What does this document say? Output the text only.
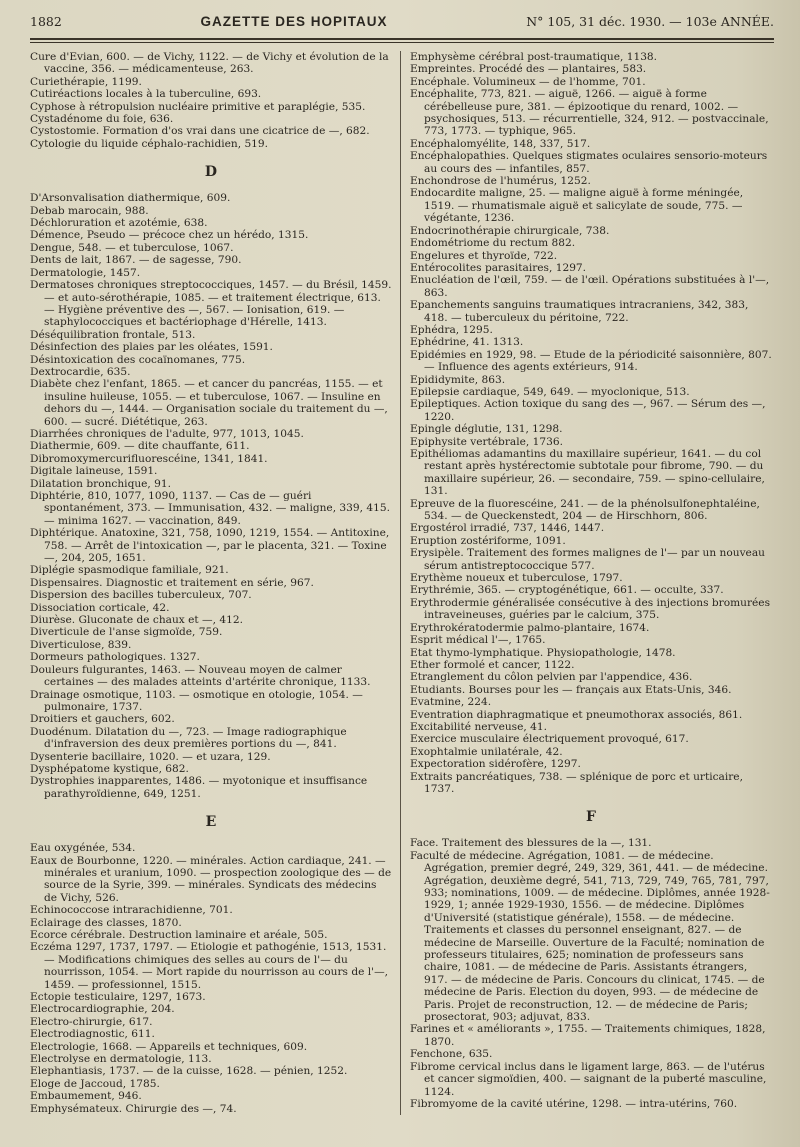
1882	GAZETTE DES HOPITAUX	N° 105, 31 déc. 1930. — 103e ANNÉE.

Cure d'Evian, 600. — de Vichy, 1122. — de Vichy et évolution de la vaccine, 356. — médicamenteuse, 263.

Curiethérapie, 1199.

Cutiréactions locales à la tuberculine, 693.

Cyphose à rétropulsion nucléaire primitive et paraplégie, 535.

Cystadénome du foie, 636.

Cystostomie. Formation d'os vrai dans une cicatrice de —, 682.

Cytologie du liquide céphalo-rachidien, 519.

D

D'Arsonvalisation diathermique, 609.

Debab marocain, 988.

Déchloruration et azotémie, 638.

Démence, Pseudo — précoce chez un hérédo, 1315.

Dengue, 548. — et tuberculose, 1067.

Dents de lait, 1867. — de sagesse, 790.

Dermatologie, 1457.

Dermatoses chroniques streptococciques, 1457. — du Brésil, 1459. — et auto-sérothérapie, 1085. — et traitement électrique, 613. — Hygiène préventive des —, 567. — Ionisation, 619. — staphylococciques et bactériophage d'Hérelle, 1413.

Déséquilibration frontale, 513.

Désinfection des plaies par les oléates, 1591.

Désintoxication des cocaïnomanes, 775.

Dextrocardie, 635.

Diabète chez l'enfant, 1865. — et cancer du pancréas, 1155. — et insuline huileuse, 1055. — et tuberculose, 1067. — Insuline en dehors du —, 1444. — Organisation sociale du traitement du —, 600. — sucré. Diététique, 263.

Diarrhées chroniques de l'adulte, 977, 1013, 1045.

Diathermie, 609. — dite chauffante, 611.

Dibromoxymercurifluorescéine, 1341, 1841.

Digitale laineuse, 1591.

Dilatation bronchique, 91.

Diphtérie, 810, 1077, 1090, 1137. — Cas de — guéri spontanément, 373. — Immunisation, 432. — maligne, 339, 415. — minima 1627. — vaccination, 849.

Diphtérique. Anatoxine, 321, 758, 1090, 1219, 1554. — Antitoxine, 758. — Arrêt de l'intoxication —, par le placenta, 321. — Toxine —, 204, 205, 1651.

Diplégie spasmodique familiale, 921.

Dispensaires. Diagnostic et traitement en série, 967.

Dispersion des bacilles tuberculeux, 707.

Dissociation corticale, 42.

Diurèse. Gluconate de chaux et —, 412.

Diverticule de l'anse sigmoïde, 759.

Diverticulose, 839.

Dormeurs pathologiques. 1327.

Douleurs fulgurantes, 1463. — Nouveau moyen de calmer certaines — des malades atteints d'artérite chronique, 1133.

Drainage osmotique, 1103. — osmotique en otologie, 1054. — pulmonaire, 1737.

Droitiers et gauchers, 602.

Duodénum. Dilatation du —, 723. — Image radiographique d'infraversion des deux premières portions du —, 841.

Dysenterie bacillaire, 1020. — et uzara, 129.

Dysphépatome kystique, 682.

Dystrophies inapparentes, 1486. — myotonique et insuffisance parathyroïdienne, 649, 1251.

E

Eau oxygénée, 534.

Eaux de Bourbonne, 1220. — minérales. Action cardiaque, 241. — minérales et uranium, 1090. — prospection zoologique des — de source de la Syrie, 399. — minérales. Syndicats des médecins de Vichy, 526.

Echinococcose intrarachidienne, 701.

Eclairage des classes, 1870.

Ecorce cérébrale. Destruction laminaire et aréale, 505.

Eczéma 1297, 1737, 1797. — Etiologie et pathogénie, 1513, 1531. — Modifications chimiques des selles au cours de l'— du nourrisson, 1054. — Mort rapide du nourrisson au cours de l'—, 1459. — professionnel, 1515.

Ectopie testiculaire, 1297, 1673.

Electrocardiographie, 204.

Electro-chirurgie, 617.

Electrodiagnostic, 611.

Electrologie, 1668. — Appareils et techniques, 609.

Electrolyse en dermatologie, 113.

Elephantiasis, 1737. — de la cuisse, 1628. — pénien, 1252.

Eloge de Jaccoud, 1785.

Embaumement, 946.

Emphysémateux. Chirurgie des —, 74.

Emphysème cérébral post-traumatique, 1138.

Empreintes. Procédé des — plantaires, 583.

Encéphale. Volumineux — de l'homme, 701.

Encéphalite, 773, 821. — aiguë, 1266. — aiguë à forme cérébelleuse pure, 381. — épizootique du renard, 1002. — psychosiques, 513. — récurrentielle, 324, 912. — postvaccinale, 773, 1773. — typhique, 965.

Encéphalomyélite, 148, 337, 517.

Encéphalopathies. Quelques stigmates oculaires sensorio-moteurs au cours des — infantiles, 857.

Enchondrose de l'humérus, 1252.

Endocardite maligne, 25. — maligne aiguë à forme méningée, 1519. — rhumatismale aiguë et salicylate de soude, 775. — végétante, 1236.

Endocrinothérapie chirurgicale, 738.

Endométriome du rectum 882.

Engelures et thyroïde, 722.

Entérocolites parasitaires, 1297.

Enucléation de l'œil, 759. — de l'œil. Opérations substituées à l'—, 863.

Epanchements sanguins traumatiques intracraniens, 342, 383, 418. — tuberculeux du péritoine, 722.

Ephédra, 1295.

Ephédrine, 41. 1313.

Epidémies en 1929, 98. — Etude de la périodicité saisonnière, 807. — Influence des agents extérieurs, 914.

Epididymite, 863.

Epilepsie cardiaque, 549, 649. — myoclonique, 513.

Epileptiques. Action toxique du sang des —, 967. — Sérum des —, 1220.

Epingle déglutie, 131, 1298.

Epiphysite vertébrale, 1736.

Epithéliomas adamantins du maxillaire supérieur, 1641. — du col restant après hystérectomie subtotale pour fibrome, 790. — du maxillaire supérieur, 26. — secondaire, 759. — spino-cellulaire, 131.

Epreuve de la fluorescéine, 241. — de la phénolsulfonephtaléine, 534. — de Queckenstedt, 204 — de Hirschhorn, 806.

Ergostérol irradié, 737, 1446, 1447.

Eruption zostériforme, 1091.

Erysipèle. Traitement des formes malignes de l'— par un nouveau sérum antistreptococcique 577.

Erythème noueux et tuberculose, 1797.

Erythrémie, 365. — cryptogénétique, 661. — occulte, 337.

Erythrodermie généralisée consécutive à des injections bromurées intraveineuses, guéries par le calcium, 375.

Erythrokératodermie palmo-plantaire, 1674.

Esprit médical l'—, 1765.

Etat thymo-lymphatique. Physiopathologie, 1478.

Ether formolé et cancer, 1122.

Etranglement du côlon pelvien par l'appendice, 436.

Etudiants. Bourses pour les — français aux Etats-Unis, 346.

Evatmine, 224.

Eventration diaphragmatique et pneumothorax associés, 861.

Excitabilité nerveuse, 41.

Exercice musculaire électriquement provoqué, 617.

Exophtalmie unilatérale, 42.

Expectoration sidérofère, 1297.

Extraits pancréatiques, 738. — splénique de porc et urticaire, 1737.

F

Face. Traitement des blessures de la —, 131.

Faculté de médecine. Agrégation, 1081. — de médecine. Agrégation, premier degré, 249, 329, 361, 441. — de médecine. Agrégation, deuxième degré, 541, 713, 729, 749, 765, 781, 797, 933; nominations, 1009. — de médecine. Diplômes, année 1928-1929, 1; année 1929-1930, 1556. — de médecine. Diplômes d'Université (statistique générale), 1558. — de médecine. Traitements et classes du personnel enseignant, 827. — de médecine de Marseille. Ouverture de la Faculté; nomination de professeurs titulaires, 625; nomination de professeurs sans chaire, 1081. — de médecine de Paris. Assistants étrangers, 917. — de médecine de Paris. Concours du clinicat, 1745. — de médecine de Paris. Election du doyen, 993. — de médecine de Paris. Projet de reconstruction, 12. — de médecine de Paris; prosectorat, 903; adjuvat, 833.

Farines et « améliorants », 1755. — Traitements chimiques, 1828, 1870.

Fenchone, 635.

Fibrome cervical inclus dans le ligament large, 863. — de l'utérus et cancer sigmoïdien, 400. — saignant de la puberté masculine, 1124.

Fibromyome de la cavité utérine, 1298. — intra-utérins, 760.
